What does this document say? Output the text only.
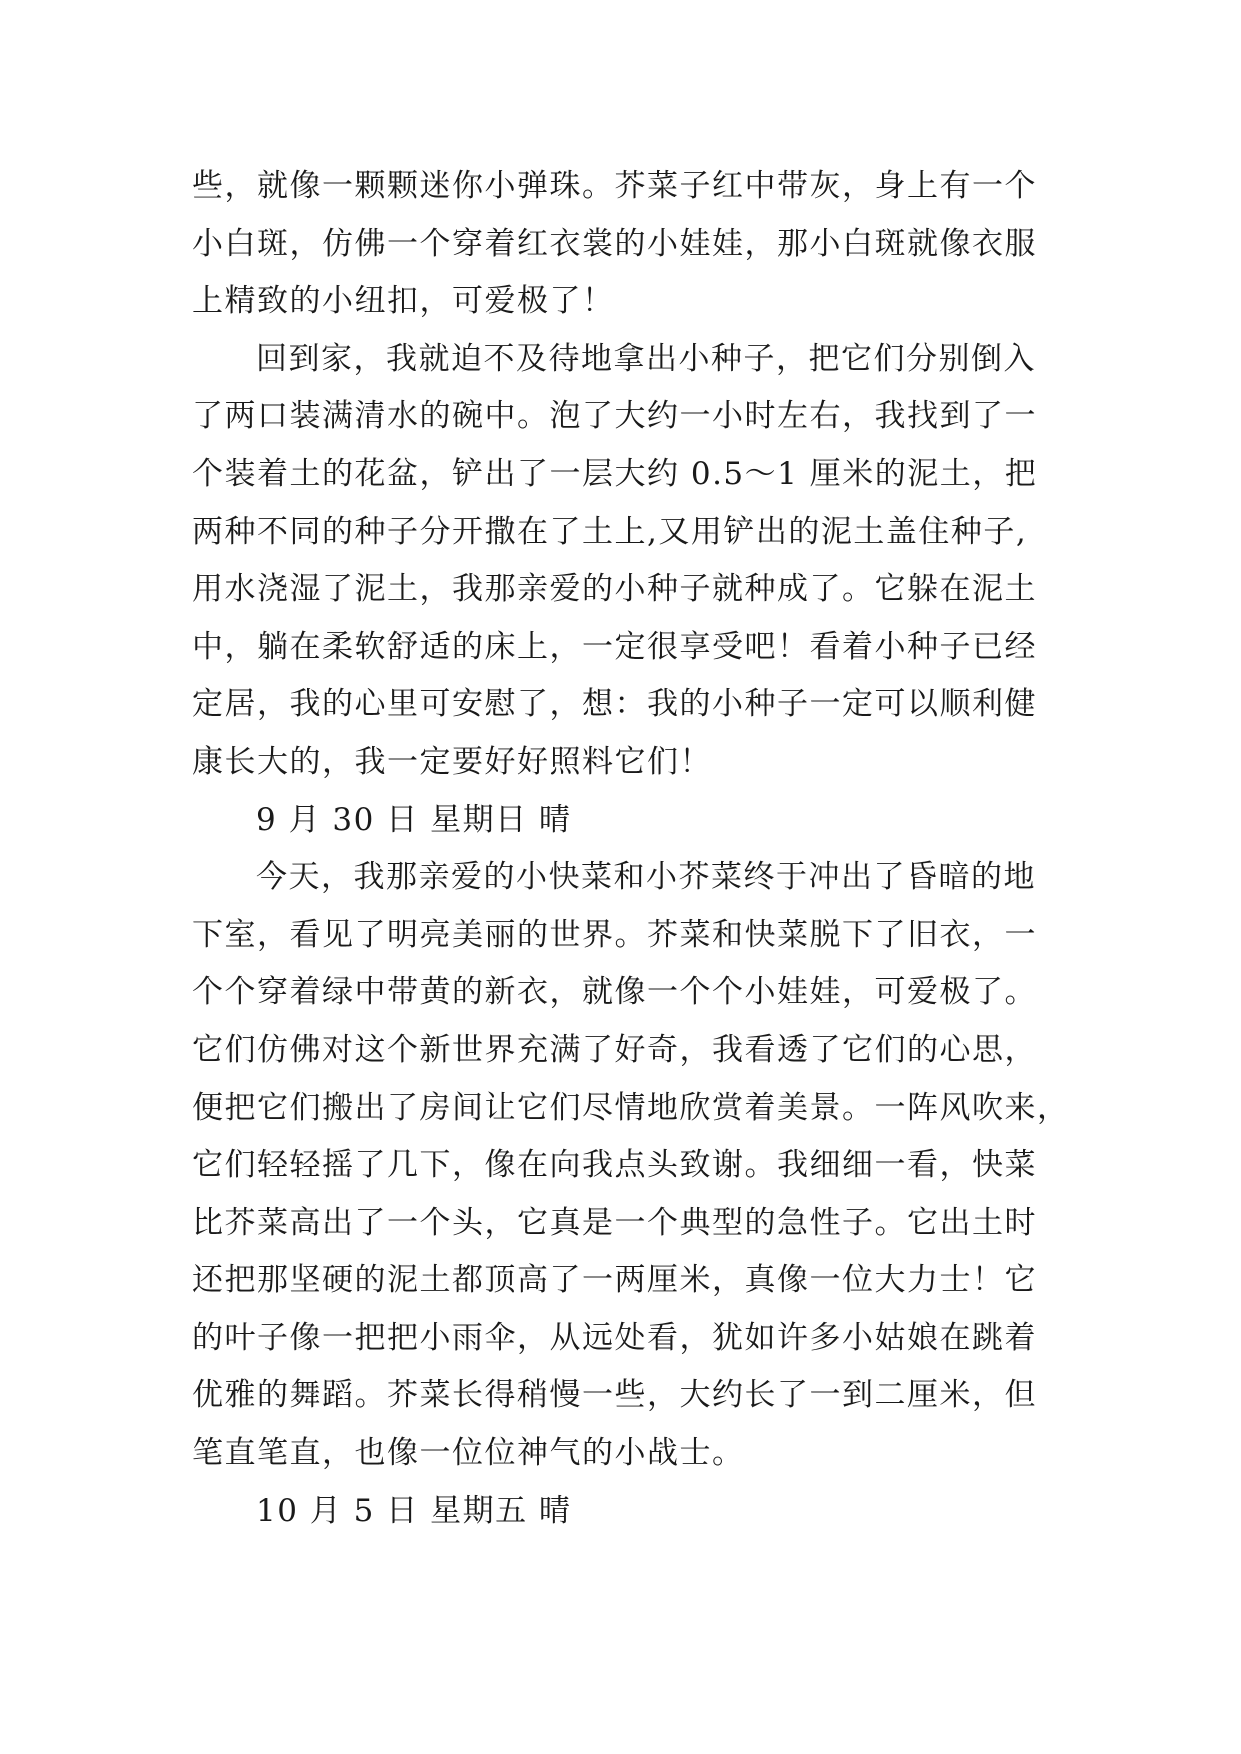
些，就像一颗颗迷你小弹珠。芥菜子红中带灰，身上有一个
小白斑，仿佛一个穿着红衣裳的小娃娃，那小白斑就像衣服
上精致的小纽扣，可爱极了！
回到家，我就迫不及待地拿出小种子，把它们分别倒入
了两口装满清水的碗中。泡了大约一小时左右，我找到了一
个装着土的花盆，铲出了一层大约 0.5～1 厘米的泥土，把
两种不同的种子分开撒在了土上,又用铲出的泥土盖住种子,
用水浇湿了泥土，我那亲爱的小种子就种成了。它躲在泥土
中，躺在柔软舒适的床上，一定很享受吧！看着小种子已经
定居，我的心里可安慰了，想：我的小种子一定可以顺利健
康长大的，我一定要好好照料它们！
9 月 30 日 星期日 晴
今天，我那亲爱的小快菜和小芥菜终于冲出了昏暗的地
下室，看见了明亮美丽的世界。芥菜和快菜脱下了旧衣，一
个个穿着绿中带黄的新衣，就像一个个小娃娃，可爱极了。
它们仿佛对这个新世界充满了好奇，我看透了它们的心思，
便把它们搬出了房间让它们尽情地欣赏着美景。一阵风吹来，
它们轻轻摇了几下，像在向我点头致谢。我细细一看，快菜
比芥菜高出了一个头，它真是一个典型的急性子。它出土时
还把那坚硬的泥土都顶高了一两厘米，真像一位大力士！它
的叶子像一把把小雨伞，从远处看，犹如许多小姑娘在跳着
优雅的舞蹈。芥菜长得稍慢一些，大约长了一到二厘米，但
笔直笔直，也像一位位神气的小战士。
10 月 5 日 星期五 晴
